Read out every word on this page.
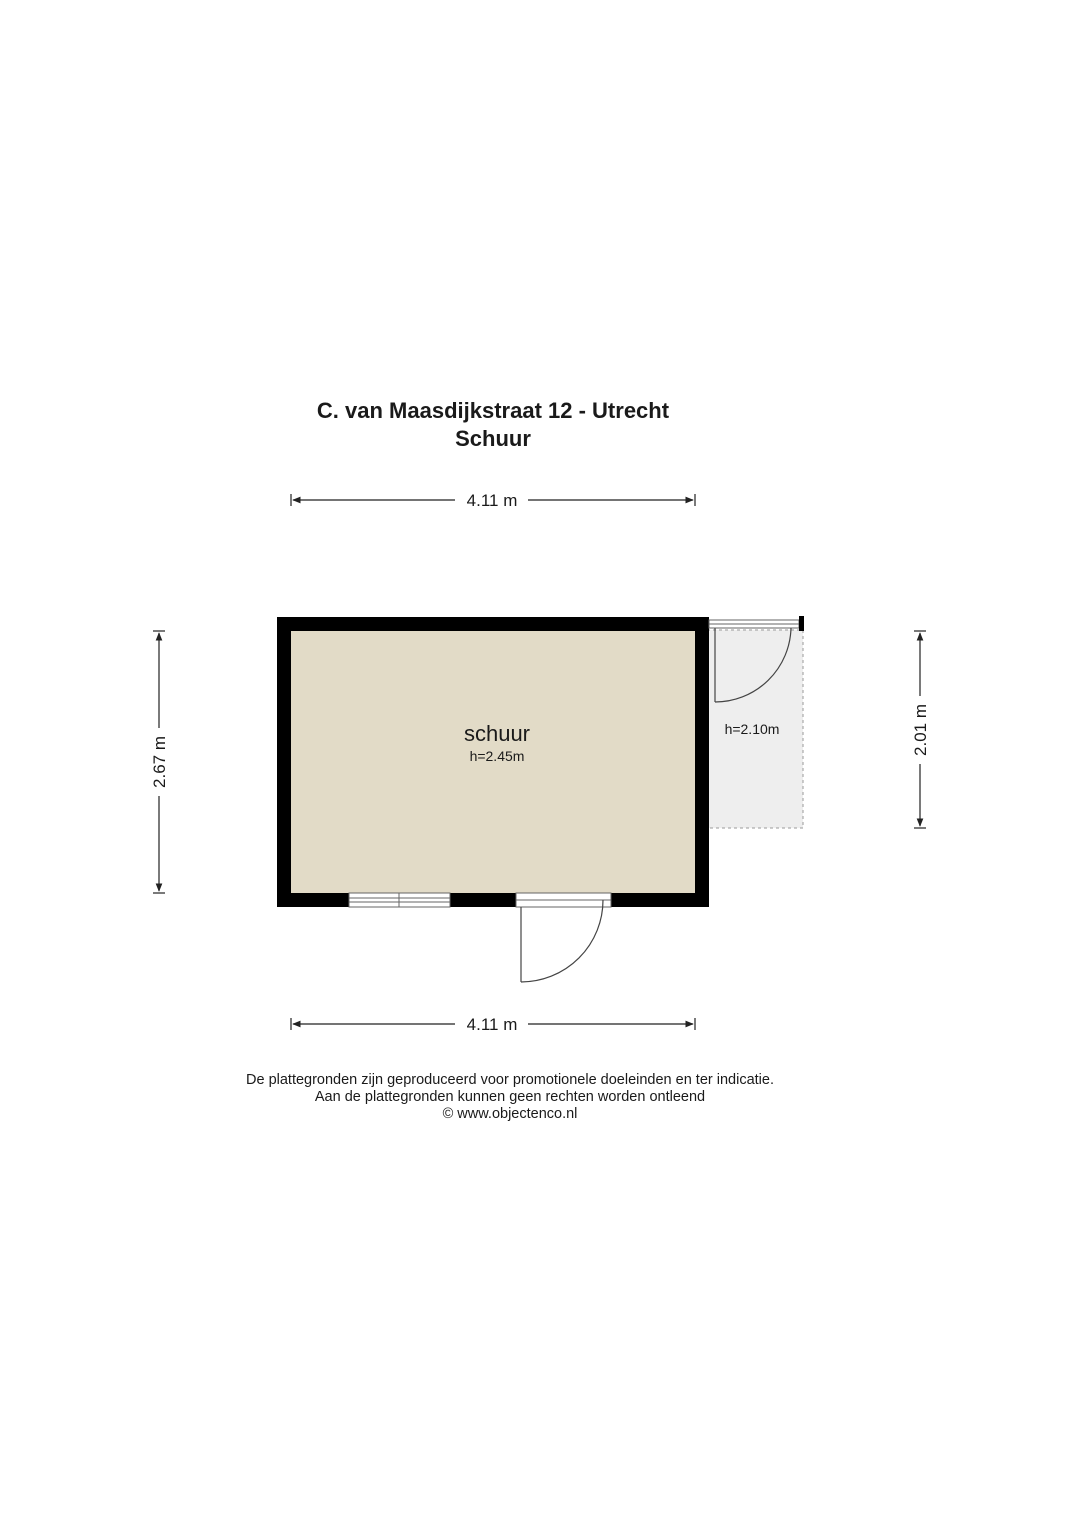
C. van Maasdijkstraat 12 - Utrecht
Schuur
4.11 m
4.11 m
2.67 m
2.01 m
schuur
h=2.45m
h=2.10m
De plattegronden zijn geproduceerd voor promotionele doeleinden en ter indicatie.
Aan de plattegronden kunnen geen rechten worden ontleend
© www.objectenco.nl
